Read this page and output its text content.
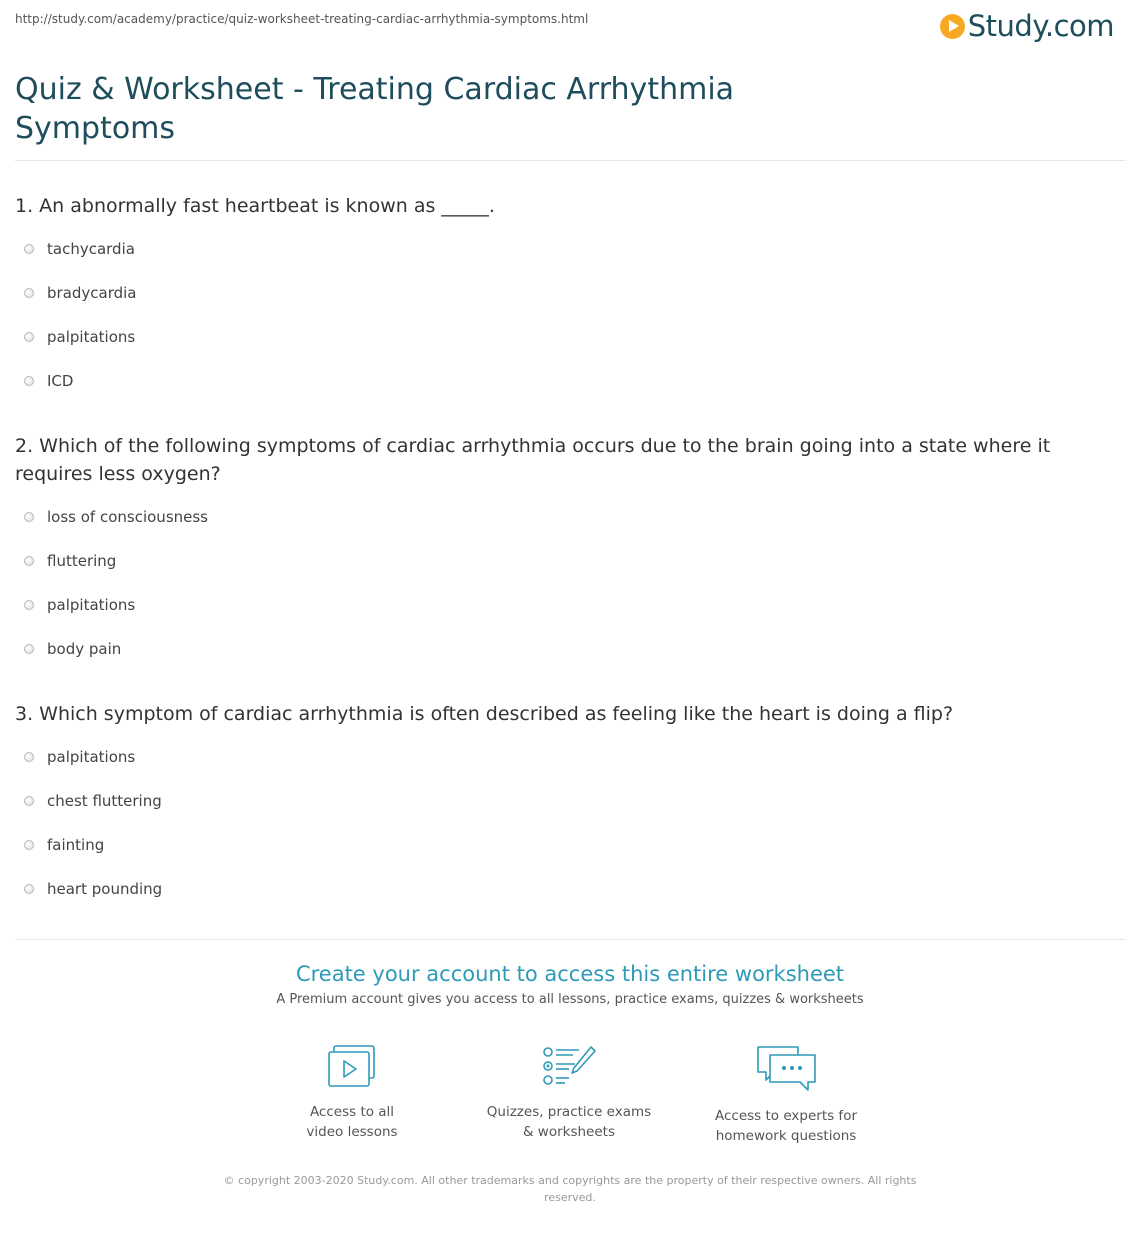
http://study.com/academy/practice/quiz-worksheet-treating-cardiac-arrhythmia-symptoms.html	Study.com
Quiz & Worksheet - Treating Cardiac Arrhythmia Symptoms
1. An abnormally fast heartbeat is known as _____.
tachycardia
bradycardia
palpitations
ICD
2. Which of the following symptoms of cardiac arrhythmia occurs due to the brain going into a state where it requires less oxygen?
loss of consciousness
fluttering
palpitations
body pain
3. Which symptom of cardiac arrhythmia is often described as feeling like the heart is doing a flip?
palpitations
chest fluttering
fainting
heart pounding
Create your account to access this entire worksheet
A Premium account gives you access to all lessons, practice exams, quizzes & worksheets
Access to all
video lessons
Quizzes, practice exams
& worksheets
Access to experts for
homework questions
© copyright 2003-2020 Study.com. All other trademarks and copyrights are the property of their respective owners. All rights reserved.
